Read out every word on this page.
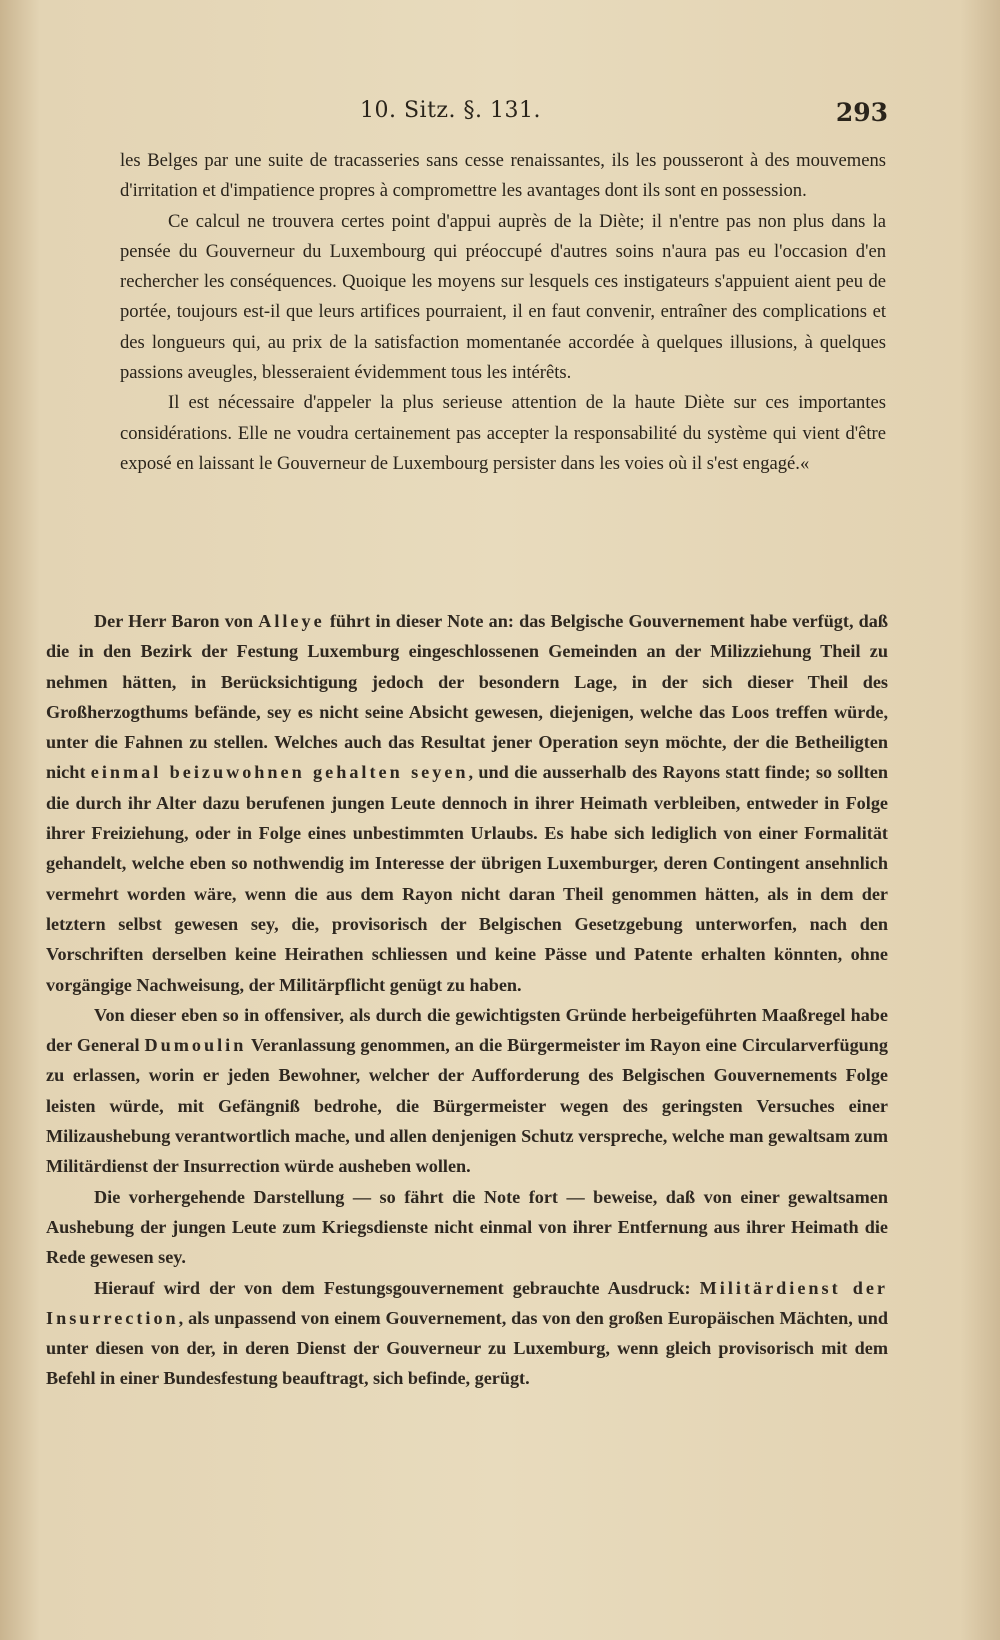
10. Sitz. §. 131.	293

les Belges par une suite de tracasseries sans cesse renaissantes, ils les pousseront à des mouvemens d'irritation et d'impatience propres à compromettre les avantages dont ils sont en possession.

Ce calcul ne trouvera certes point d'appui auprès de la Diète; il n'entre pas non plus dans la pensée du Gouverneur du Luxembourg qui préoccupé d'autres soins n'aura pas eu l'occasion d'en rechercher les conséquences. Quoique les moyens sur lesquels ces instigateurs s'appuient aient peu de portée, toujours est-il que leurs artifices pourraient, il en faut convenir, entraîner des complications et des longueurs qui, au prix de la satisfaction momentanée accordée à quelques illusions, à quelques passions aveugles, blesseraient évidemment tous les intérêts.

Il est nécessaire d'appeler la plus serieuse attention de la haute Diète sur ces importantes considérations. Elle ne voudra certainement pas accepter la responsabilité du système qui vient d'être exposé en laissant le Gouverneur de Luxembourg persister dans les voies où il s'est engagé.«

Der Herr Baron von Alleye führt in dieser Note an: das Belgische Gouvernement habe verfügt, daß die in den Bezirk der Festung Luxemburg eingeschlossenen Gemeinden an der Milizziehung Theil zu nehmen hätten, in Berücksichtigung jedoch der besondern Lage, in der sich dieser Theil des Großherzogthums befände, sey es nicht seine Absicht gewesen, diejenigen, welche das Loos treffen würde, unter die Fahnen zu stellen. Welches auch das Resultat jener Operation seyn möchte, der die Betheiligten nicht einmal beizuwohnen gehalten seyen, und die ausserhalb des Rayons statt finde; so sollten die durch ihr Alter dazu berufenen jungen Leute dennoch in ihrer Heimath verbleiben, entweder in Folge ihrer Freiziehung, oder in Folge eines unbestimmten Urlaubs. Es habe sich lediglich von einer Formalität gehandelt, welche eben so nothwendig im Interesse der übrigen Luxemburger, deren Contingent ansehnlich vermehrt worden wäre, wenn die aus dem Rayon nicht daran Theil genommen hätten, als in dem der letztern selbst gewesen sey, die, provisorisch der Belgischen Gesetzgebung unterworfen, nach den Vorschriften derselben keine Heirathen schliessen und keine Pässe und Patente erhalten könnten, ohne vorgängige Nachweisung, der Militärpflicht genügt zu haben.

Von dieser eben so in offensiver, als durch die gewichtigsten Gründe herbeigeführten Maaßregel habe der General Dumoulin Veranlassung genommen, an die Bürgermeister im Rayon eine Circularverfügung zu erlassen, worin er jeden Bewohner, welcher der Aufforderung des Belgischen Gouvernements Folge leisten würde, mit Gefängniß bedrohe, die Bürgermeister wegen des geringsten Versuches einer Milizaushebung verantwortlich mache, und allen denjenigen Schutz verspreche, welche man gewaltsam zum Militärdienst der Insurrection würde ausheben wollen.

Die vorhergehende Darstellung — so fährt die Note fort — beweise, daß von einer gewaltsamen Aushebung der jungen Leute zum Kriegsdienste nicht einmal von ihrer Entfernung aus ihrer Heimath die Rede gewesen sey.

Hierauf wird der von dem Festungsgouvernement gebrauchte Ausdruck: Militärdienst der Insurrection, als unpassend von einem Gouvernement, das von den großen Europäischen Mächten, und unter diesen von der, in deren Dienst der Gouverneur zu Luxemburg, wenn gleich provisorisch mit dem Befehl in einer Bundesfestung beauftragt, sich befinde, gerügt.
